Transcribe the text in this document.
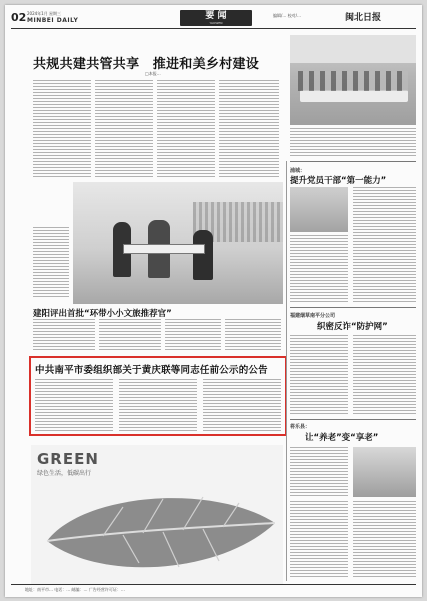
02 2024年1月 星期三
MINBEI DAILY	要 闻
YAOWEN
编辑/… 校对/…	闽北日报
共规共建共管共享　推进和美乡村建设
□本报…
建阳评出首批“环带小小文旅推荐官”
中共南平市委组织部关于黄庆联等同志任前公示的公告
GREEN
绿色生活，低碳出行
浦城：
提升党员干部“第一能力”
福建烟草南平分公司
织密反诈“防护网”
将乐县：
让“养老”变“享老”
地址：南平市… 电话：… 邮编：… 广告经营许可证：…
